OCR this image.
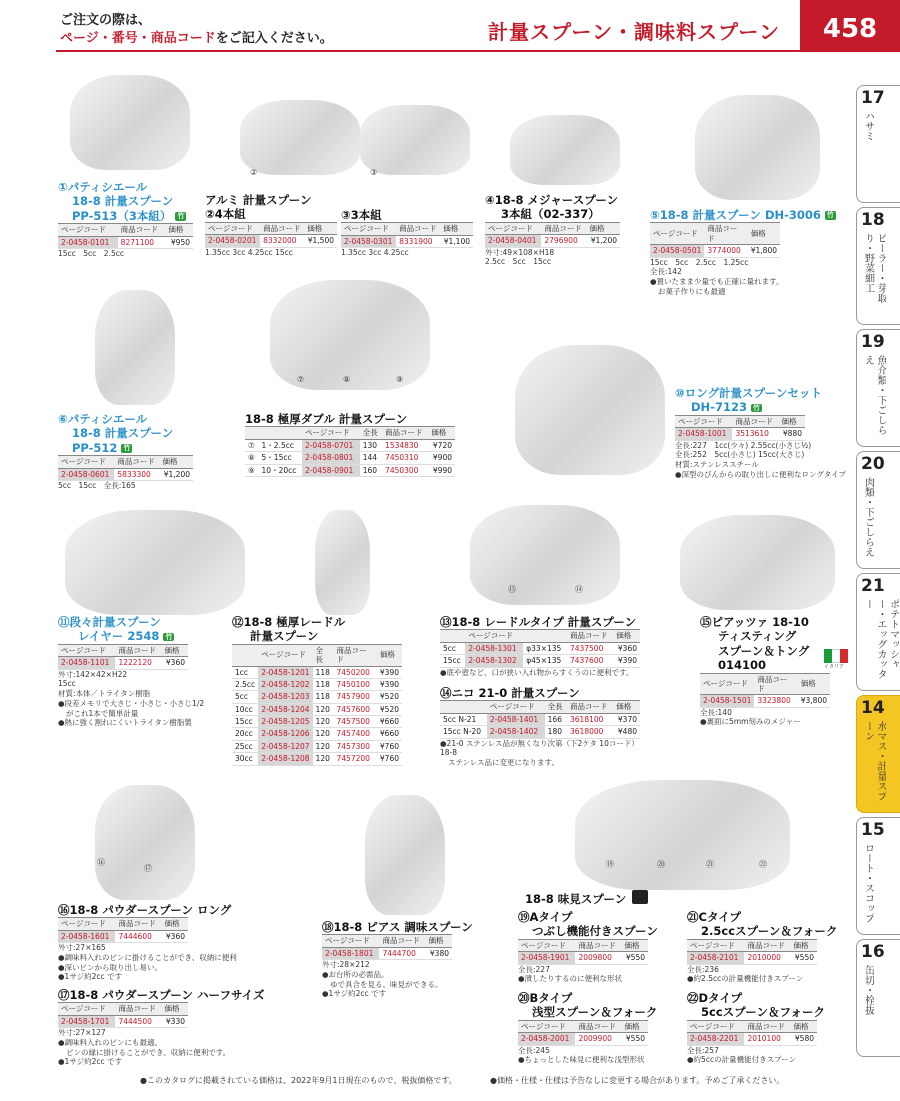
ご注文の際は、
ページ・番号・商品コードをご記入ください。	計量スプーン・調味料スプーン	458
17
ハサミ
18
ピーラー・芽取り・野菜細工
19
魚介類・下ごしらえ
20
肉類・下ごしらえ
21
ポテトマッシャー・エッグカッター
14
水マス・計量スプーン
15
ロート・スコップ
16
缶切・栓抜
②	③
⑦	⑧	⑨
⑬	⑭
⑯
⑰	⑲	⑳	㉑	㉒
①パティシエール
18-8 計量スプーン
PP-513（3本組） 竹
ページコード	商品コード	価格
2-0458-0101	8271100	¥950
15cc　5cc　2.5cc
アルミ 計量スプーン
②4本組
ページコード	商品コード	価格
2-0458-0201	8332000	¥1,500
1.35cc 3cc 4.25cc 15cc
③3本組
ページコード	商品コード	価格
2-0458-0301	8331900	¥1,100
1.35cc 3cc 4.25cc
④18-8 メジャースプーン
3本組（02-337）
ページコード	商品コード	価格
2-0458-0401	2796900	¥1,200
外寸:49×108×H18
2.5cc　5cc　15cc
⑤18-8 計量スプーン DH-3006 竹
ページコード	商品コード	価格
2-0458-0501	3774000	¥1,800
15cc　5cc　2.5cc　1.25cc
全長:142
●置いたまま少量でも正確に量れます。
お菓子作りにも最適
⑥パティシエール
18-8 計量スプーン
PP-512 竹
ページコード	商品コード	価格
2-0458-0601	5833300	¥1,200
5cc　15cc　全長:165
18-8 極厚ダブル 計量スプーン
		ページコード	全長	商品コード	価格
⑦	1・2.5cc	2-0458-0701	130	1534830	¥720
⑧	5・15cc	2-0458-0801	144	7450310	¥900
⑨	10・20cc	2-0458-0901	160	7450300	¥990
⑩ロング計量スプーンセット
DH-7123 竹
ページコード	商品コード	価格
2-0458-1001	3513610	¥880
全長:227　1cc(少々) 2.55cc(小さじ½)
全長:252　5cc(小さじ) 15cc(大さじ)
材質:ステンレススチール
●深型のびんからの取り出しに便利なロングタイプ
⑪段々計量スプーン
レイヤー 2548 竹
ページコード	商品コード	価格
2-0458-1101	1222120	¥360
外寸:142×42×H22
15cc
材質:本体／トライタン樹脂
●段差メモリで大さじ・小さじ・小さじ1/2
がこれ1本で簡単計量
●熱に強く割れにくいトライタン樹脂製
⑫18-8 極厚レードル
計量スプーン
	ページコード	全長	商品コード	価格
1cc	2-0458-1201	118	7450200	¥390
2.5cc	2-0458-1202	118	7450100	¥390
5cc	2-0458-1203	118	7457900	¥520
10cc	2-0458-1204	120	7457600	¥520
15cc	2-0458-1205	120	7457500	¥660
20cc	2-0458-1206	120	7457400	¥660
25cc	2-0458-1207	120	7457300	¥760
30cc	2-0458-1208	120	7457200	¥760
⑬18-8 レードルタイプ 計量スプーン
	ページコード		商品コード	価格
5cc	2-0458-1301	φ33×135	7437500	¥360
15cc	2-0458-1302	φ45×135	7437600	¥390
●底や壺など、口が狭い入れ物からすくうのに便利です。
⑭ニコ 21-0 計量スプーン
	ページコード	全長	商品コード	価格
5cc N-21	2-0458-1401	166	3618100	¥370
15cc N-20	2-0458-1402	180	3618000	¥480
●21-0 ステンレス品が無くなり次第（下2ケタ 10コード）18-8
ステンレス品に変更になります。
⑮ピアッツァ 18-10
ティスティング
スプーン＆トング
014100	イタリア
ページコード	商品コード	価格
2-0458-1501	3323800	¥3,800
全長:140
●裏面に5mm刻みのメジャー
⑯18-8 パウダースプーン ロング
ページコード	商品コード	価格
2-0458-1601	7444600	¥360
外寸:27×165
●調味料入れのビンに掛けることができ、収納に便利
●深いビンから取り出し易い。
●1サジ約2cc です
⑰18-8 パウダースプーン ハーフサイズ
ページコード	商品コード	価格
2-0458-1701	7444500	¥330
外寸:27×127
●調味料入れのビンにも最適。
ビンの縁に掛けることができ、収納に便利です。
●1サジ約2cc です
⑱18-8 ピアス 調味スプーン
ページコード	商品コード	価格
2-0458-1801	7444700	¥380
外寸:28×212
●お台所の必需品。
ゆで具合を見る、味見ができる。
●1サジ約2cc です
18-8 味見スプーン
⑲Aタイプ
つぶし機能付きスプーン
ページコード	商品コード	価格
2-0458-1901	2009800	¥550
全長:227
●潰したりするのに便利な形状
⑳Bタイプ
浅型スプーン＆フォーク
ページコード	商品コード	価格
2-0458-2001	2009900	¥550
全長:245
●ちょっとした味見に便利な浅型形状
㉑Cタイプ
2.5ccスプーン＆フォーク
ページコード	商品コード	価格
2-0458-2101	2010000	¥550
全長:236
●約2.5ccの計量機能付きスプーン
㉒Dタイプ
5ccスプーン＆フォーク
ページコード	商品コード	価格
2-0458-2201	2010100	¥580
全長:257
●約5ccの計量機能付きスプーン
●このカタログに掲載されている価格は、2022年9月1日現在のもので、税抜価格です。	●価格・仕様・仕様は予告なしに変更する場合があります。予めご了承ください。
